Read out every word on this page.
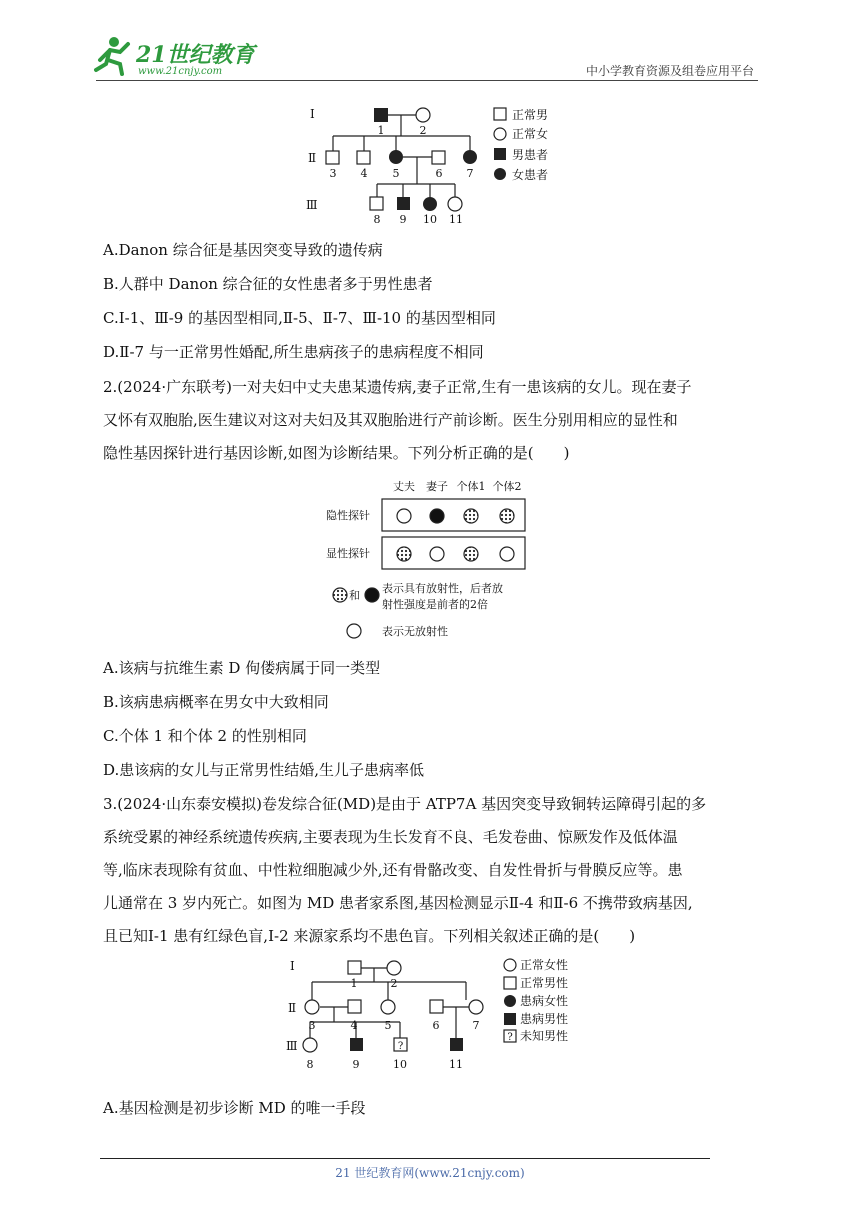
21世纪教育
www.21cnjy.com	中小学教育资源及组卷应用平台
Ⅰ
Ⅱ
Ⅲ
1	2
3 4 5	6 7
8 9 10 11
正常男
正常女
男患者
女患者
A.Danon 综合征是基因突变导致的遗传病
B.人群中 Danon 综合征的女性患者多于男性患者
C.Ⅰ-1、Ⅲ-9 的基因型相同,Ⅱ-5、Ⅱ-7、Ⅲ-10 的基因型相同
D.Ⅱ-7 与一正常男性婚配,所生患病孩子的患病程度不相同
2.(2024·广东联考)一对夫妇中丈夫患某遗传病,妻子正常,生有一患该病的女儿。现在妻子
又怀有双胞胎,医生建议对这对夫妇及其双胞胎进行产前诊断。医生分别用相应的显性和
隐性基因探针进行基因诊断,如图为诊断结果。下列分析正确的是(　　)
丈夫 妻子 个体1 个体2
隐性探针
显性探针
和
表示具有放射性，后者放
射性强度是前者的2倍
表示无放射性
A.该病与抗维生素 D 佝偻病属于同一类型
B.该病患病概率在男女中大致相同
C.个体 1 和个体 2 的性别相同
D.患该病的女儿与正常男性结婚,生儿子患病率低
3.(2024·山东泰安模拟)卷发综合征(MD)是由于 ATP7A 基因突变导致铜转运障碍引起的多
系统受累的神经系统遗传疾病,主要表现为生长发育不良、毛发卷曲、惊厥发作及低体温
等,临床表现除有贫血、中性粒细胞减少外,还有骨骼改变、自发性骨折与骨膜反应等。患
儿通常在 3 岁内死亡。如图为 MD 患者家系图,基因检测显示Ⅱ-4 和Ⅱ-6 不携带致病基因,
且已知Ⅰ-1 患有红绿色盲,Ⅰ-2 来源家系均不患色盲。下列相关叙述正确的是(　　)
?
Ⅰ
Ⅱ
Ⅲ
1	2
3	4 5	6	7
8	9	10	11
?
正常女性
正常男性
患病女性
患病男性
未知男性
A.基因检测是初步诊断 MD 的唯一手段
21 世纪教育网(www.21cnjy.com)
